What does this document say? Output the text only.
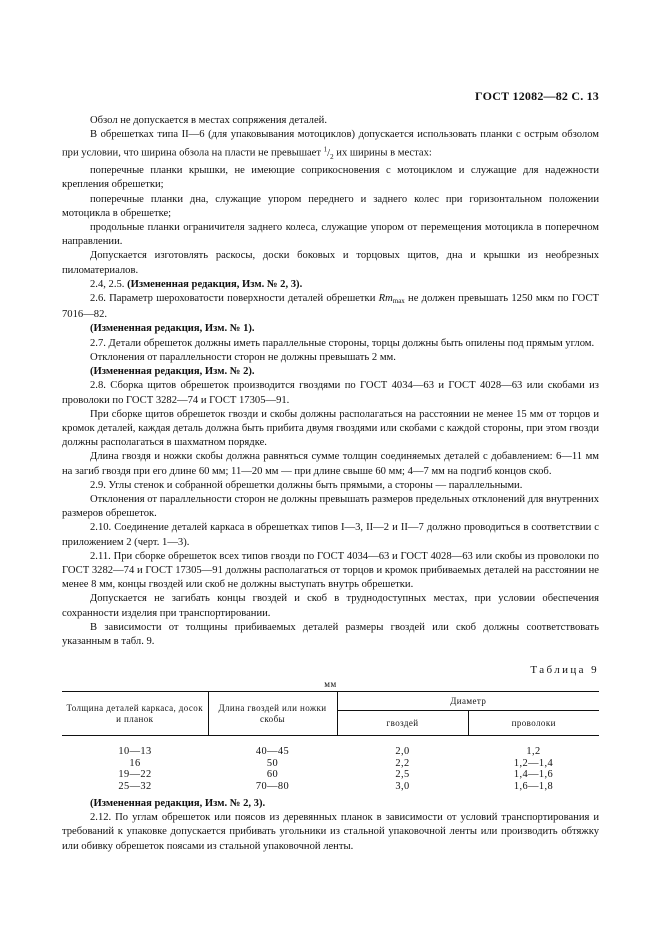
ГОСТ 12082—82 С. 13

Обзол не допускается в местах сопряжения деталей.

В обрешетках типа II—6 (для упаковывания мотоциклов) допускается использовать планки с острым обзолом при условии, что ширина обзола на пласти не превышает $^1/_2$ их ширины в местах:

поперечные планки крышки, не имеющие соприкосновения с мотоциклом и служащие для надежности крепления обрешетки;

поперечные планки дна, служащие упором переднего и заднего колес при горизонтальном положении мотоцикла в обрешетке;

продольные планки ограничителя заднего колеса, служащие упором от перемещения мотоцикла в поперечном направлении.

Допускается изготовлять раскосы, доски боковых и торцовых щитов, дна и крышки из необрезных пиломатериалов.

2.4, 2.5. (Измененная редакция, Изм. № 2, 3).

2.6. Параметр шероховатости поверхности деталей обрешетки $Rm_{max}$ не должен превышать 1250 мкм по ГОСТ 7016—82.

(Измененная редакция, Изм. № 1).

2.7. Детали обрешеток должны иметь параллельные стороны, торцы должны быть опилены под прямым углом.

Отклонения от параллельности сторон не должны превышать 2 мм.

(Измененная редакция, Изм. № 2).

2.8. Сборка щитов обрешеток производится гвоздями по ГОСТ 4034—63 и ГОСТ 4028—63 или скобами из проволоки по ГОСТ 3282—74 и ГОСТ 17305—91.

При сборке щитов обрешеток гвозди и скобы должны располагаться на расстоянии не менее 15 мм от торцов и кромок деталей, каждая деталь должна быть прибита двумя гвоздями или скобами с каждой стороны, при этом гвозди должны располагаться в шахматном порядке.

Длина гвоздя и ножки скобы должна равняться сумме толщин соединяемых деталей с добавлением: 6—11 мм на загиб гвоздя при его длине 60 мм; 11—20 мм — при длине свыше 60 мм; 4—7 мм на подгиб концов скоб.

2.9. Углы стенок и собранной обрешетки должны быть прямыми, а стороны — параллельными.

Отклонения от параллельности сторон не должны превышать размеров предельных отклонений для внутренних размеров обрешеток.

2.10. Соединение деталей каркаса в обрешетках типов I—3, II—2 и II—7 должно проводиться в соответствии с приложением 2 (черт. 1—3).

2.11. При сборке обрешеток всех типов гвозди по ГОСТ 4034—63 и ГОСТ 4028—63 или скобы из проволоки по ГОСТ 3282—74 и ГОСТ 17305—91 должны располагаться от торцов и кромок прибиваемых деталей на расстоянии не менее 8 мм, концы гвоздей или скоб не должны выступать внутрь обрешетки.

Допускается не загибать концы гвоздей и скоб в труднодоступных местах, при условии обеспечения сохранности изделия при транспортировании.

В зависимости от толщины прибиваемых деталей размеры гвоздей или скоб должны соответствовать указанным в табл. 9.

Таблица 9
мм
Толщина деталей каркаса, досок и планок	Длина гвоздей или ножки скобы	Диаметр	
		гвоздей	проволоки
10—13	40—45	2,0	1,2
16	50	2,2	1,2—1,4
19—22	60	2,5	1,4—1,6
25—32	70—80	3,0	1,6—1,8

(Измененная редакция, Изм. № 2, 3).

2.12. По углам обрешеток или поясов из деревянных планок в зависимости от условий транспортирования и требований к упаковке допускается прибивать угольники из стальной упаковочной ленты или производить обтяжку или обивку обрешеток поясами из стальной упаковочной ленты.
